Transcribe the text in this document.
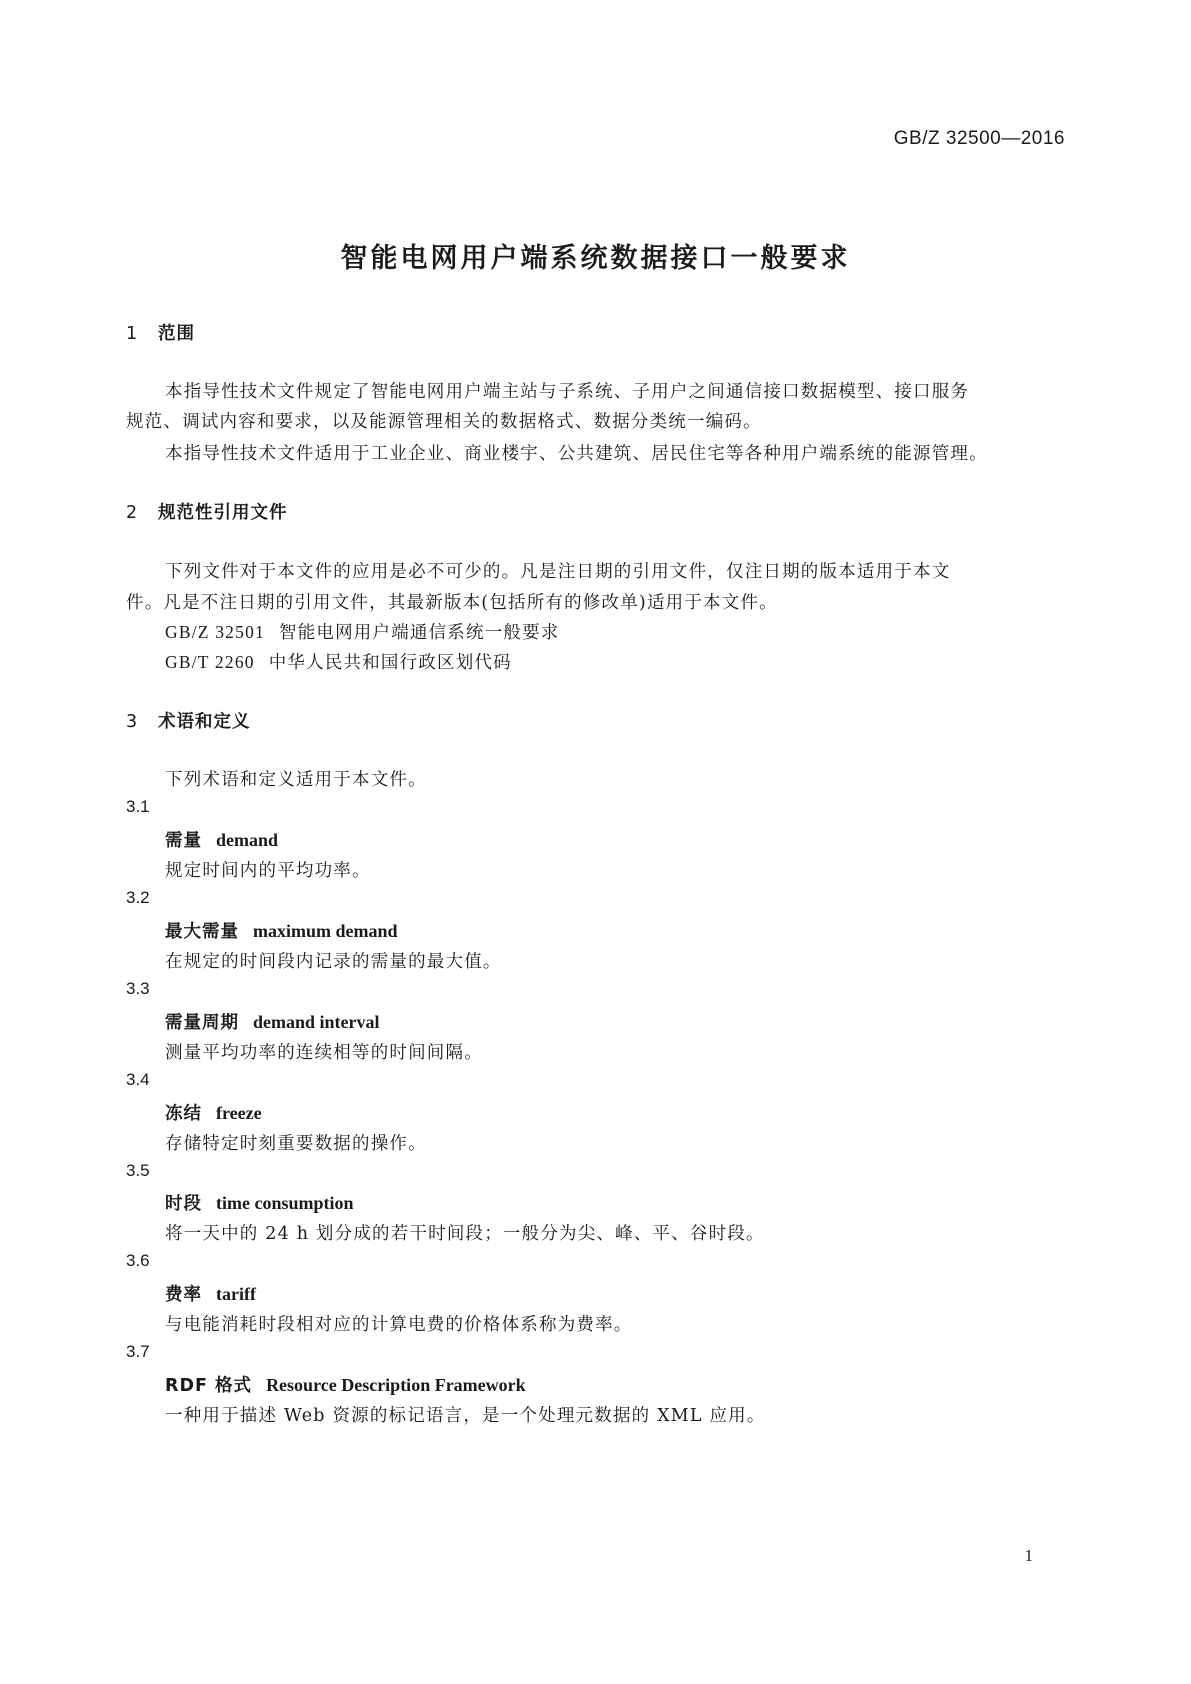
GB/Z 32500—2016
智能电网用户端系统数据接口一般要求
1 范围
本指导性技术文件规定了智能电网用户端主站与子系统、子用户之间通信接口数据模型、接口服务
规范、调试内容和要求，以及能源管理相关的数据格式、数据分类统一编码。
本指导性技术文件适用于工业企业、商业楼宇、公共建筑、居民住宅等各种用户端系统的能源管理。
2 规范性引用文件
下列文件对于本文件的应用是必不可少的。凡是注日期的引用文件，仅注日期的版本适用于本文
件。凡是不注日期的引用文件，其最新版本(包括所有的修改单)适用于本文件。
GB/Z 32501 智能电网用户端通信系统一般要求
GB/T 2260 中华人民共和国行政区划代码
3 术语和定义
下列术语和定义适用于本文件。
3.1
需量 demand
规定时间内的平均功率。
3.2
最大需量 maximum demand
在规定的时间段内记录的需量的最大值。
3.3
需量周期 demand interval
测量平均功率的连续相等的时间间隔。
3.4
冻结 freeze
存储特定时刻重要数据的操作。
3.5
时段 time consumption
将一天中的 24 h 划分成的若干时间段；一般分为尖、峰、平、谷时段。
3.6
费率 tariff
与电能消耗时段相对应的计算电费的价格体系称为费率。
3.7
RDF 格式 Resource Description Framework
一种用于描述 Web 资源的标记语言，是一个处理元数据的 XML 应用。
1
